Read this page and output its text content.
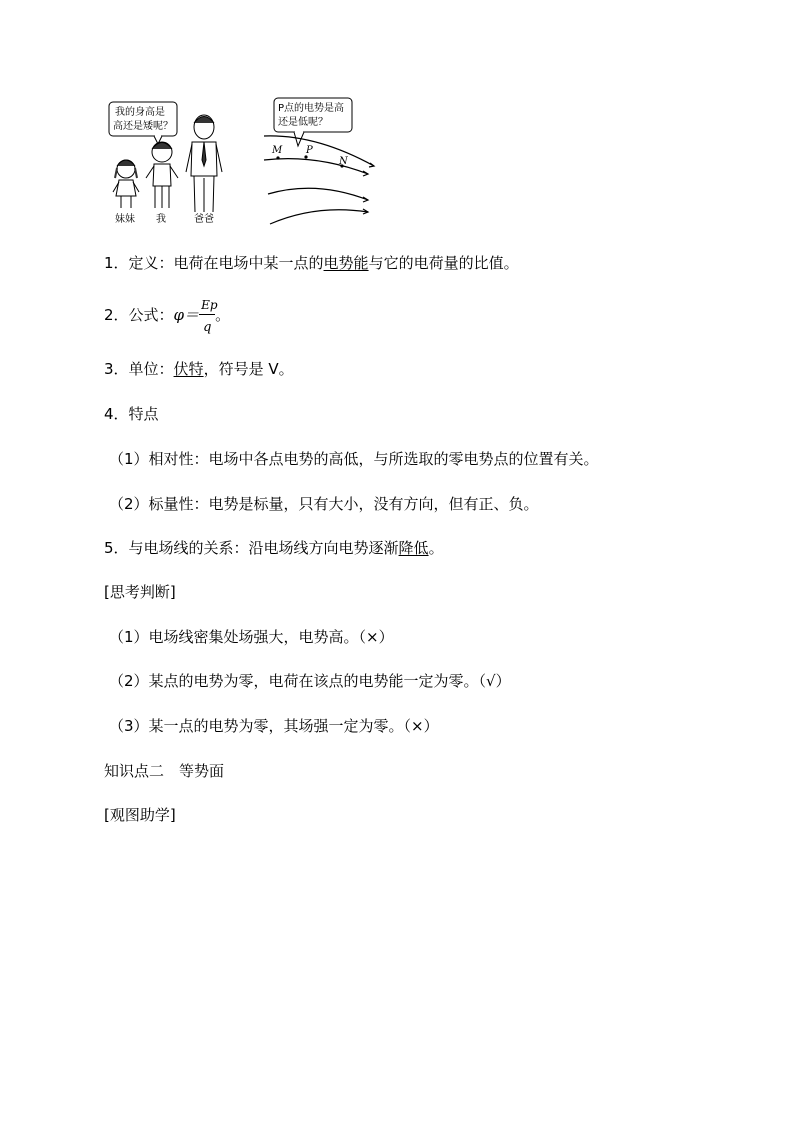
我的身高是
高还是矮呢？
妹妹 我	爸爸
P点的电势是高
还是低呢？
M P
N
1．定义：电荷在电场中某一点的电势能与它的电荷量的比值。
2．公式：$\varphi= \frac{Ep}{q}$ 。
3．单位：伏特，符号是 V。
4．特点
（1）相对性：电场中各点电势的高低，与所选取的零电势点的位置有关。
（2）标量性：电势是标量，只有大小，没有方向，但有正、负。
5．与电场线的关系：沿电场线方向电势逐渐降低。
[思考判断]
（1）电场线密集处场强大，电势高。（×）
（2）某点的电势为零，电荷在该点的电势能一定为零。（√）
（3）某一点的电势为零，其场强一定为零。（×）
知识点二　等势面
[观图助学]
